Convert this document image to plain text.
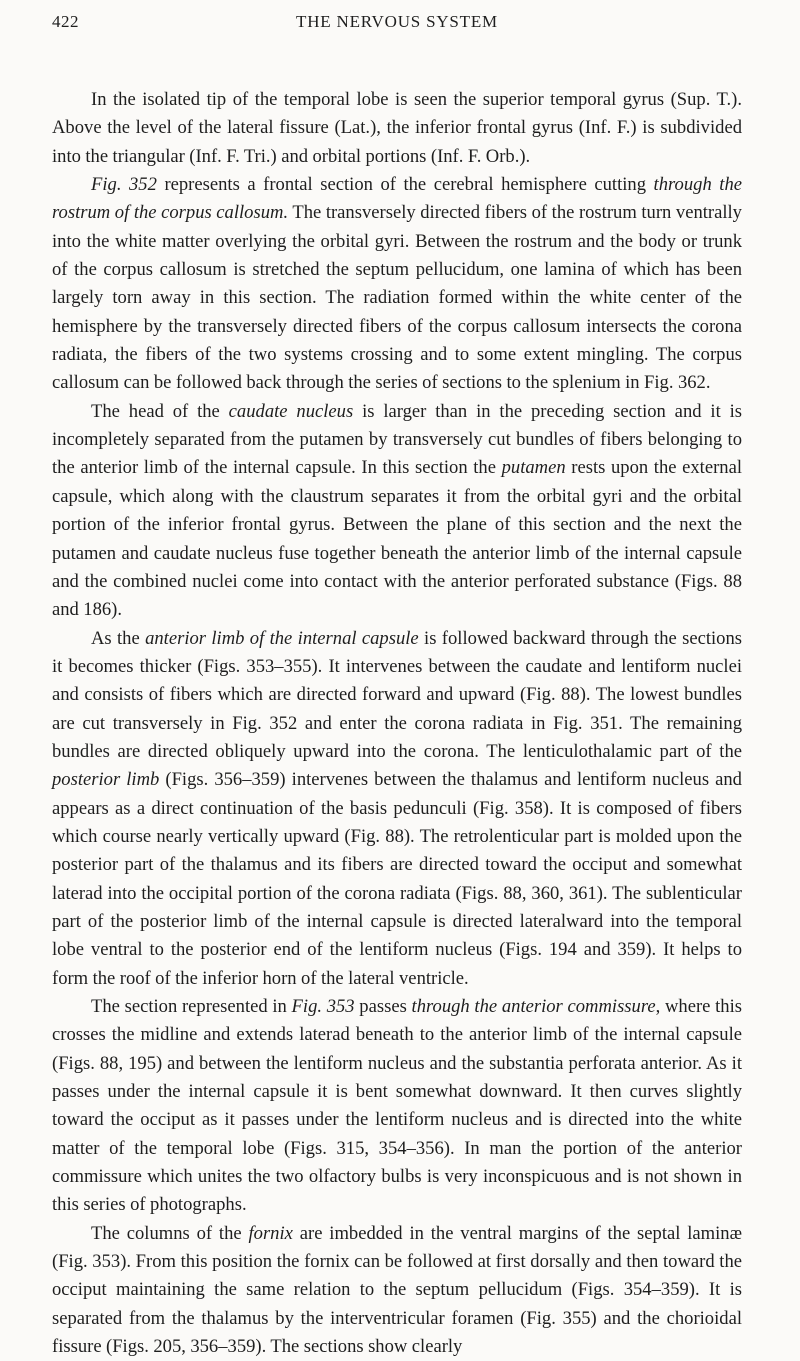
422	THE NERVOUS SYSTEM

In the isolated tip of the temporal lobe is seen the superior temporal gyrus (Sup. T.). Above the level of the lateral fissure (Lat.), the inferior frontal gyrus (Inf. F.) is subdivided into the triangular (Inf. F. Tri.) and orbital portions (Inf. F. Orb.).

Fig. 352 represents a frontal section of the cerebral hemisphere cutting through the rostrum of the corpus callosum. The transversely directed fibers of the rostrum turn ventrally into the white matter overlying the orbital gyri. Between the rostrum and the body or trunk of the corpus callosum is stretched the septum pellucidum, one lamina of which has been largely torn away in this section. The radiation formed within the white center of the hemisphere by the transversely directed fibers of the corpus callosum intersects the corona radiata, the fibers of the two systems crossing and to some extent mingling. The corpus callosum can be followed back through the series of sections to the splenium in Fig. 362.

The head of the caudate nucleus is larger than in the preceding section and it is incompletely separated from the putamen by transversely cut bundles of fibers belonging to the anterior limb of the internal capsule. In this section the putamen rests upon the external capsule, which along with the claustrum separates it from the orbital gyri and the orbital portion of the inferior frontal gyrus. Between the plane of this section and the next the putamen and caudate nucleus fuse together beneath the anterior limb of the internal capsule and the combined nuclei come into contact with the anterior perforated substance (Figs. 88 and 186).

As the anterior limb of the internal capsule is followed backward through the sections it becomes thicker (Figs. 353–355). It intervenes between the caudate and lentiform nuclei and consists of fibers which are directed forward and upward (Fig. 88). The lowest bundles are cut transversely in Fig. 352 and enter the corona radiata in Fig. 351. The remaining bundles are directed obliquely upward into the corona. The lenticulothalamic part of the posterior limb (Figs. 356–359) intervenes between the thalamus and lentiform nucleus and appears as a direct continuation of the basis pedunculi (Fig. 358). It is composed of fibers which course nearly vertically upward (Fig. 88). The retrolenticular part is molded upon the posterior part of the thalamus and its fibers are directed toward the occiput and somewhat laterad into the occipital portion of the corona radiata (Figs. 88, 360, 361). The sublenticular part of the posterior limb of the internal capsule is directed lateralward into the temporal lobe ventral to the posterior end of the lentiform nucleus (Figs. 194 and 359). It helps to form the roof of the inferior horn of the lateral ventricle.

The section represented in Fig. 353 passes through the anterior commissure, where this crosses the midline and extends laterad beneath to the anterior limb of the internal capsule (Figs. 88, 195) and between the lentiform nucleus and the substantia perforata anterior. As it passes under the internal capsule it is bent somewhat downward. It then curves slightly toward the occiput as it passes under the lentiform nucleus and is directed into the white matter of the temporal lobe (Figs. 315, 354–356). In man the portion of the anterior commissure which unites the two olfactory bulbs is very inconspicuous and is not shown in this series of photographs.

The columns of the fornix are imbedded in the ventral margins of the septal laminæ (Fig. 353). From this position the fornix can be followed at first dorsally and then toward the occiput maintaining the same relation to the septum pellucidum (Figs. 354–359). It is separated from the thalamus by the interventricular foramen (Fig. 355) and the chorioidal fissure (Figs. 205, 356–359). The sections show clearly
